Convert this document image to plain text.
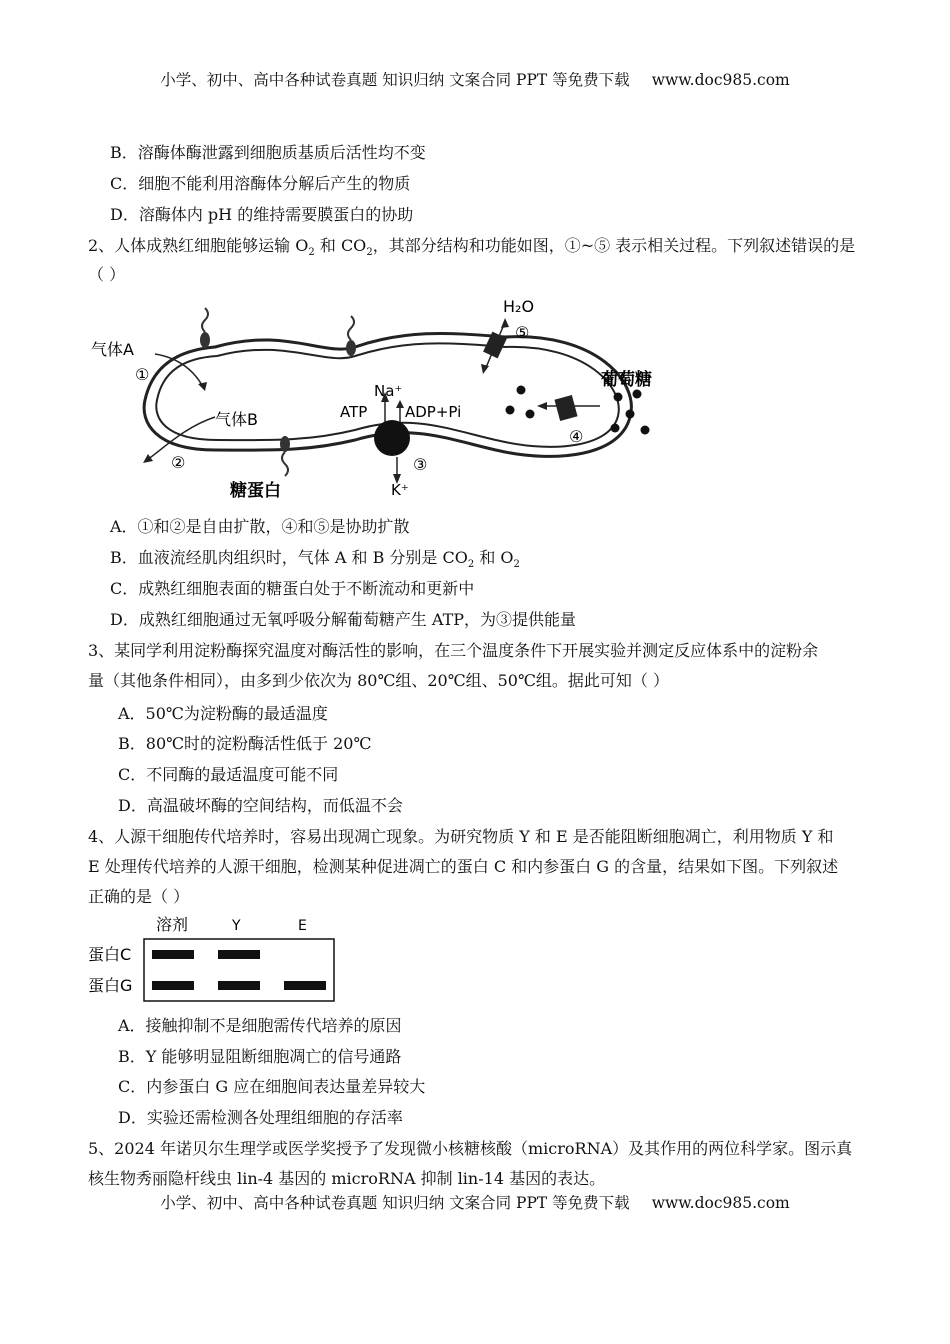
小学、初中、高中各种试卷真题 知识归纳 文案合同 PPT 等免费下载 www.doc985.com
B．溶酶体酶泄露到细胞质基质后活性均不变
C．细胞不能利用溶酶体分解后产生的物质
D．溶酶体内 pH 的维持需要膜蛋白的协助
2、人体成熟红细胞能够运输 $O_2$ 和 $CO_2$，其部分结构和功能如图，①~⑤ 表示相关过程。下列叙述错误的是
（ ）
气体A
①
气体B
②
糖蛋白
H₂O
⑤
葡萄糖
④
Na⁺
ATP	ADP+Pi
③
K⁺
A．①和②是自由扩散，④和⑤是协助扩散
B．血液流经肌肉组织时，气体 A 和 B 分别是 $CO_2$ 和 $O_2$
C．成熟红细胞表面的糖蛋白处于不断流动和更新中
D．成熟红细胞通过无氧呼吸分解葡萄糖产生 ATP，为③提供能量
3、某同学利用淀粉酶探究温度对酶活性的影响，在三个温度条件下开展实验并测定反应体系中的淀粉余
量（其他条件相同），由多到少依次为 80℃组、20℃组、50℃组。据此可知（ ）
A．50℃为淀粉酶的最适温度
B．80℃时的淀粉酶活性低于 20℃
C．不同酶的最适温度可能不同
D．高温破坏酶的空间结构，而低温不会
4、人源干细胞传代培养时，容易出现凋亡现象。为研究物质 Y 和 E 是否能阻断细胞凋亡，利用物质 Y 和
E 处理传代培养的人源干细胞，检测某种促进凋亡的蛋白 C 和内参蛋白 G 的含量，结果如下图。下列叙述
正确的是（ ）
溶剂	Y	E
蛋白C
蛋白G
A．接触抑制不是细胞需传代培养的原因
B．Y 能够明显阻断细胞凋亡的信号通路
C．内参蛋白 G 应在细胞间表达量差异较大
D．实验还需检测各处理组细胞的存活率
5、2024 年诺贝尔生理学或医学奖授予了发现微小核糖核酸（microRNA）及其作用的两位科学家。图示真
核生物秀丽隐杆线虫 lin-4 基因的 microRNA 抑制 lin-14 基因的表达。
小学、初中、高中各种试卷真题 知识归纳 文案合同 PPT 等免费下载 www.doc985.com
